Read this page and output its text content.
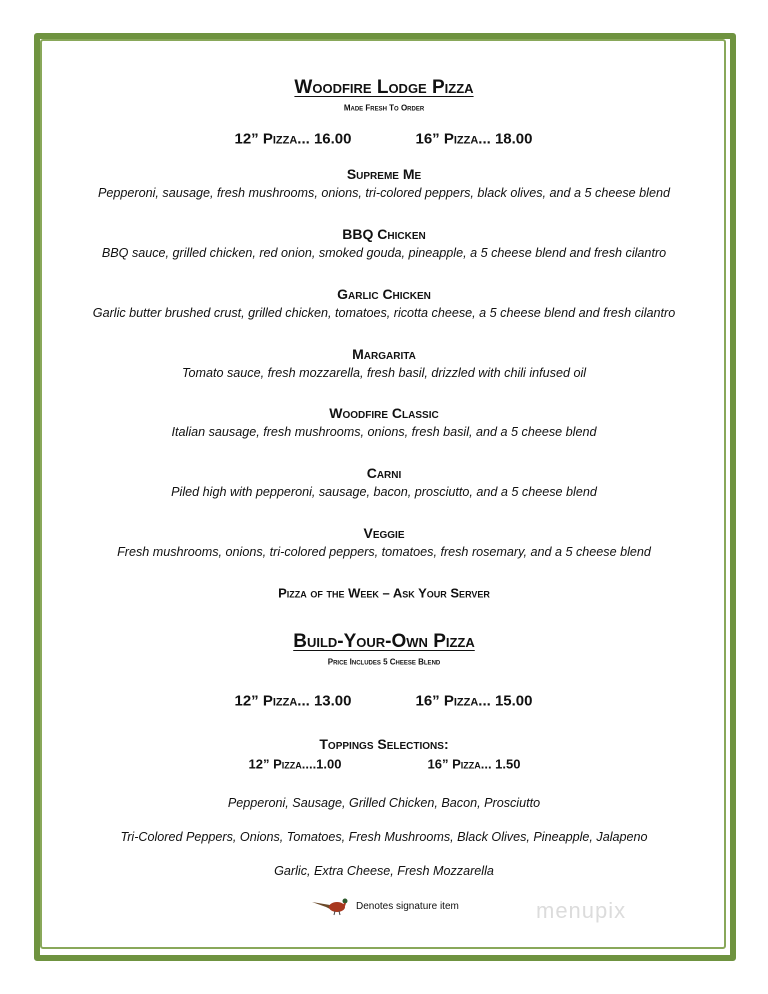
Woodfire Lodge Pizza
Made Fresh To Order
12” Pizza... 16.00	16” Pizza... 18.00
Supreme Me
Pepperoni, sausage, fresh mushrooms, onions, tri-colored peppers, black olives, and a 5 cheese blend
BBQ Chicken
BBQ sauce, grilled chicken, red onion, smoked gouda, pineapple, a 5 cheese blend and fresh cilantro
Garlic Chicken
Garlic butter brushed crust, grilled chicken, tomatoes, ricotta cheese, a 5 cheese blend and fresh cilantro
Margarita
Tomato sauce, fresh mozzarella, fresh basil, drizzled with chili infused oil
Woodfire Classic
Italian sausage, fresh mushrooms, onions, fresh basil, and a 5 cheese blend
Carni
Piled high with pepperoni, sausage, bacon, prosciutto, and a 5 cheese blend
Veggie
Fresh mushrooms, onions, tri-colored peppers, tomatoes, fresh rosemary, and a 5 cheese blend
Pizza of the Week – Ask Your Server
Build-Your-Own Pizza
Price Includes 5 Cheese Blend
12” Pizza... 13.00	16” Pizza... 15.00
Toppings Selections:
12” Pizza....1.00	16” Pizza... 1.50
Pepperoni, Sausage, Grilled Chicken, Bacon, Prosciutto
Tri-Colored Peppers, Onions, Tomatoes, Fresh Mushrooms, Black Olives, Pineapple, Jalapeno
Garlic, Extra Cheese, Fresh Mozzarella
Denotes signature item	menupix
